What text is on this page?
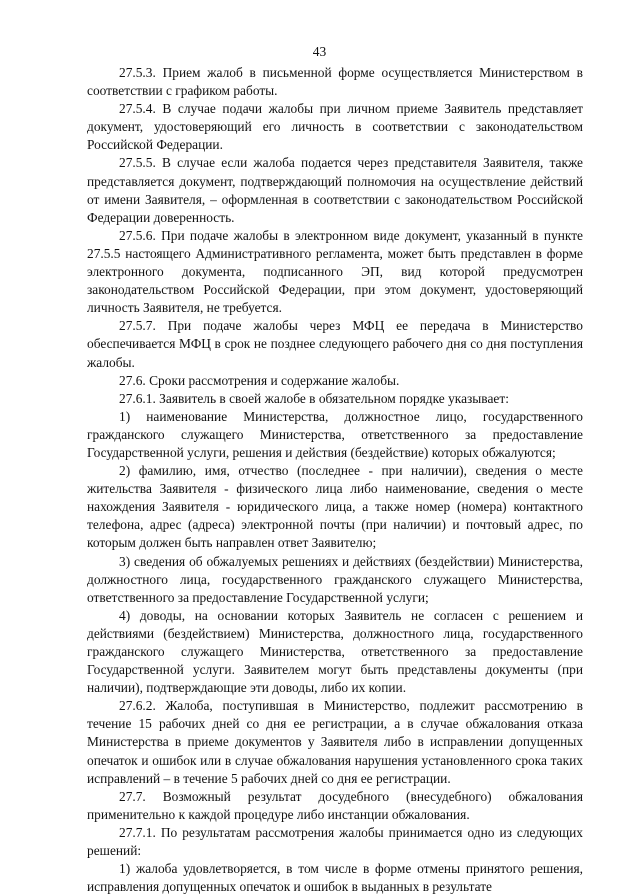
43

27.5.3. Прием жалоб в письменной форме осуществляется Министерством в соответствии с графиком работы.

27.5.4. В случае подачи жалобы при личном приеме Заявитель представляет документ, удостоверяющий его личность в соответствии с законодательством Российской Федерации.

27.5.5. В случае если жалоба подается через представителя Заявителя, также представляется документ, подтверждающий полномочия на осуществление действий от имени Заявителя, – оформленная в соответствии с законодательством Российской Федерации доверенность.

27.5.6. При подаче жалобы в электронном виде документ, указанный в пункте 27.5.5 настоящего Административного регламента, может быть представлен в форме электронного документа, подписанного ЭП, вид которой предусмотрен законодательством Российской Федерации, при этом документ, удостоверяющий личность Заявителя, не требуется.

27.5.7. При подаче жалобы через МФЦ ее передача в Министерство обеспечивается МФЦ в срок не позднее следующего рабочего дня со дня поступления жалобы.

27.6. Сроки рассмотрения и содержание жалобы.

27.6.1. Заявитель в своей жалобе в обязательном порядке указывает:

1) наименование Министерства, должностное лицо, государственного гражданского служащего Министерства, ответственного за предоставление Государственной услуги, решения и действия (бездействие) которых обжалуются;

2) фамилию, имя, отчество (последнее - при наличии), сведения о месте жительства Заявителя - физического лица либо наименование, сведения о месте нахождения Заявителя - юридического лица, а также номер (номера) контактного телефона, адрес (адреса) электронной почты (при наличии) и почтовый адрес, по которым должен быть направлен ответ Заявителю;

3) сведения об обжалуемых решениях и действиях (бездействии) Министерства, должностного лица, государственного гражданского служащего Министерства, ответственного за предоставление Государственной услуги;

4) доводы, на основании которых Заявитель не согласен с решением и действиями (бездействием) Министерства, должностного лица, государственного гражданского служащего Министерства, ответственного за предоставление Государственной услуги. Заявителем могут быть представлены документы (при наличии), подтверждающие эти доводы, либо их копии.

27.6.2. Жалоба, поступившая в Министерство, подлежит рассмотрению в течение 15 рабочих дней со дня ее регистрации, а в случае обжалования отказа Министерства в приеме документов у Заявителя либо в исправлении допущенных опечаток и ошибок или в случае обжалования нарушения установленного срока таких исправлений – в течение 5 рабочих дней со дня ее регистрации.

27.7. Возможный результат досудебного (внесудебного) обжалования применительно к каждой процедуре либо инстанции обжалования.

27.7.1. По результатам рассмотрения жалобы принимается одно из следующих решений:

1) жалоба удовлетворяется, в том числе в форме отмены принятого решения, исправления допущенных опечаток и ошибок в выданных в результате
